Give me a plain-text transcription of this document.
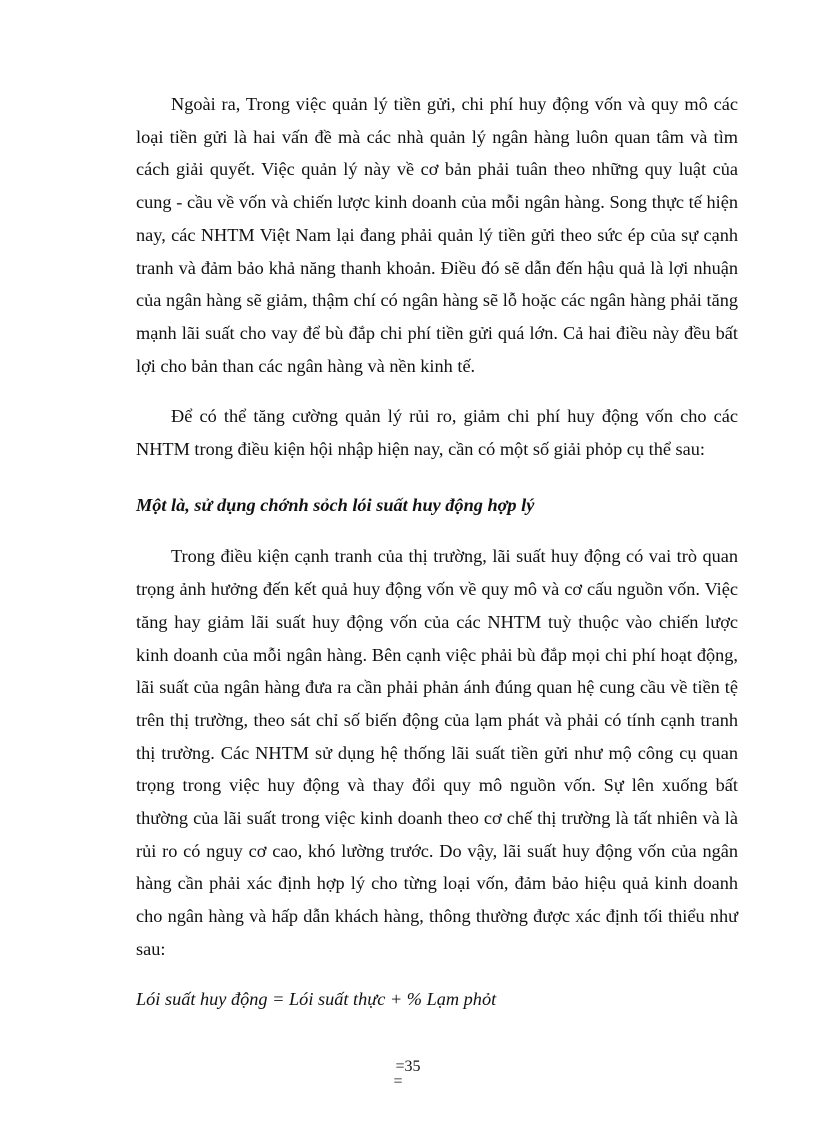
Ngoài ra, Trong việc quản lý tiền gửi, chi phí huy động vốn và quy mô các loại tiền gửi là hai vấn đề mà các nhà quản lý ngân hàng luôn quan tâm và tìm cách giải quyết. Việc quản lý này về cơ bản phải tuân theo những quy luật của cung - cầu về vốn và chiến lược kinh doanh của mỗi ngân hàng. Song thực tế hiện nay, các NHTM Việt Nam lại đang phải quản lý tiền gửi theo sức ép của sự cạnh tranh và đảm bảo khả năng thanh khoản. Điều đó sẽ dẫn đến hậu quả là lợi nhuận của ngân hàng sẽ giảm, thậm chí có ngân hàng sẽ lỗ hoặc các ngân hàng phải tăng mạnh lãi suất cho vay để bù đắp chi phí tiền gửi quá lớn. Cả hai điều này đều bất lợi cho bản than các ngân hàng và nền kinh tế.

Để có thể tăng cường quản lý rủi ro, giảm chi phí huy động vốn cho các NHTM trong điều kiện hội nhập hiện nay, cần có một số giải phỏp cụ thể sau:

Một là, sử dụng chớnh sỏch lói suất huy động hợp lý

Trong điều kiện cạnh tranh của thị trường, lãi suất huy động có vai trò quan trọng ảnh hưởng đến kết quả huy động vốn về quy mô và cơ cấu nguồn vốn. Việc tăng hay giảm lãi suất huy động vốn của các NHTM tuỳ thuộc vào chiến lược kinh doanh của mỗi ngân hàng. Bên cạnh việc phải bù đắp mọi chi phí hoạt động, lãi suất của ngân hàng đưa ra cần phải phản ánh đúng quan hệ cung cầu về tiền tệ trên thị trường, theo sát chỉ số biến động của lạm phát và phải có tính cạnh tranh thị trường. Các NHTM sử dụng hệ thống lãi suất tiền gửi như mộ công cụ quan trọng trong việc huy động và thay đổi quy mô nguồn vốn. Sự lên xuống bất thường của lãi suất trong việc kinh doanh theo cơ chế thị trường là tất nhiên và là rủi ro có nguy cơ cao, khó lường trước. Do vậy, lãi suất huy động vốn của ngân hàng cần phải xác định hợp lý cho từng loại vốn, đảm bảo hiệu quả kinh doanh cho ngân hàng và hấp dẫn khách hàng, thông thường được xác định tối thiểu như sau:

Lói suất huy động = Lói suất thực + % Lạm phỏt

=35
=
